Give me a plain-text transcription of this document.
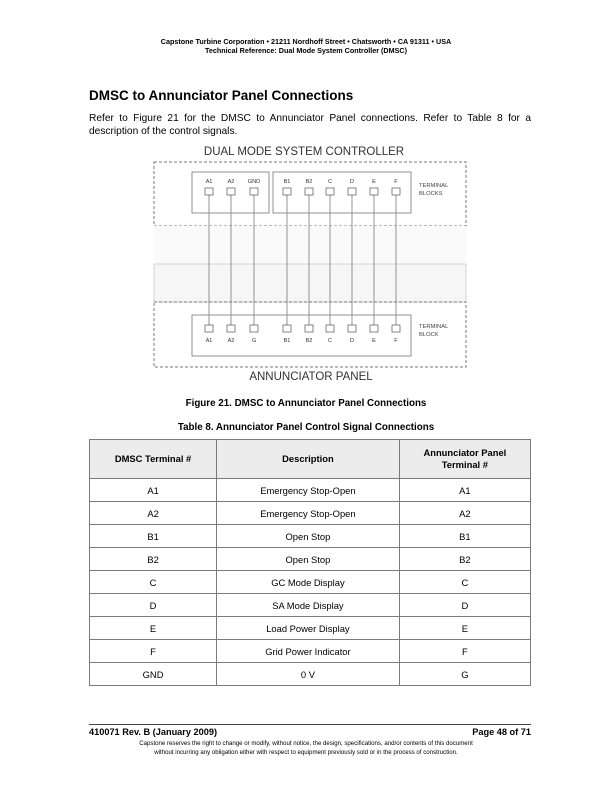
Capstone Turbine Corporation • 21211 Nordhoff Street • Chatsworth • CA 91311 • USA
Technical Reference: Dual Mode System Controller (DMSC)
DMSC to Annunciator Panel Connections
Refer to Figure 21 for the DMSC to Annunciator Panel connections. Refer to Table 8 for a description of the control signals.
DUAL MODE SYSTEM CONTROLLER
TERMINAL
BLOCKS
TERMINAL
BLOCK
ANNUNCIATOR PANEL
A1	A2 GND	B1	B2	C	D	E	F
A1	A2	G	B1	B2	C	D	E	F
Figure 21. DMSC to Annunciator Panel Connections
Table 8. Annunciator Panel Control Signal Connections
DMSC Terminal #	Description	Annunciator Panel
Terminal #
A1	Emergency Stop-Open	A1
A2	Emergency Stop-Open	A2
B1	Open Stop	B1
B2	Open Stop	B2
C	GC Mode Display	C
D	SA Mode Display	D
E	Load Power Display	E
F	Grid Power Indicator	F
GND	0 V	G
410071 Rev. B (January 2009)	Page 48 of 71
Capstone reserves the right to change or modify, without notice, the design, specifications, and/or contents of this document
without incurring any obligation either with respect to equipment previously sold or in the process of construction.
